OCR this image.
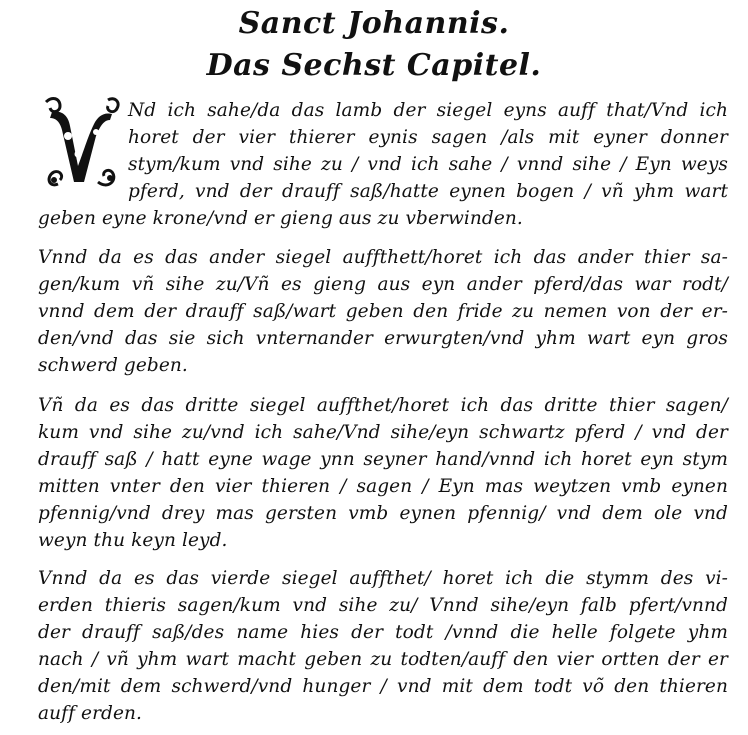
Sanct Johannis.
Das Sechst Capitel.
Nd ich sahe/da das lamb der siegel eyns auff that/Vnd ich
horet der vier thierer eynis sagen /als mit eyner donner
stym/kum vnd sihe zu / vnd ich sahe / vnnd sihe / Eyn weys
pferd, vnd der drauff saß/hatte eynen bogen / vñ yhm wart
geben eyne krone/vnd er gieng aus zu vberwinden.
Vnnd da es das ander siegel auffthett/horet ich das ander thier sa-
gen/kum vñ sihe zu/Vñ es gieng aus eyn ander pferd/das war rodt/
vnnd dem der drauff saß/wart geben den fride zu nemen von der er-
den/vnd das sie sich vnternander erwurgten/vnd yhm wart eyn gros
schwerd geben.
Vñ da es das dritte siegel auffthet/horet ich das dritte thier sagen/
kum vnd sihe zu/vnd ich sahe/Vnd sihe/eyn schwartz pferd / vnd der
drauff saß / hatt eyne wage ynn seyner hand/vnnd ich horet eyn stym
mitten vnter den vier thieren / sagen / Eyn mas weytzen vmb eynen
pfennig/vnd drey mas gersten vmb eynen pfennig/ vnd dem ole vnd
weyn thu keyn leyd.
Vnnd da es das vierde siegel auffthet/ horet ich die stymm des vi-
erden thieris sagen/kum vnd sihe zu/ Vnnd sihe/eyn falb pfert/vnnd
der drauff saß/des name hies der todt /vnnd die helle folgete yhm
nach / vñ yhm wart macht geben zu todten/auff den vier ortten der er
den/mit dem schwerd/vnd hunger / vnd mit dem todt võ den thieren
auff erden.
